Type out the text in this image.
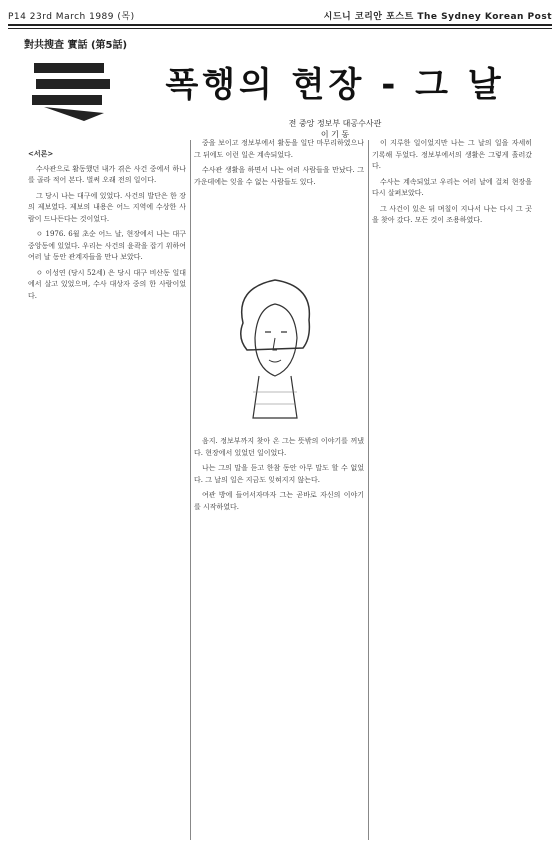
P14 23rd March 1989 (목)	시드니 코리안 포스트 The Sydney Korean Post
對共搜査 實話 (第5話)
폭행의 현장 - 그 날
전 중앙 정보부 대공수사관
이 기 동

<서론>

수사관으로 활동했던 내가 겪은 사건 중에서 하나를 골라 적어 본다. 벌써 오래 전의 일이다.

그 당시 나는 대구에 있었다. 사건의 발단은 한 장의 제보였다. 제보의 내용은 어느 지역에 수상한 사람이 드나든다는 것이었다.

ㅇ 1976. 6월 초순 어느 날, 현장에서 나는 대구 중앙동에 있었다. 우리는 사건의 윤곽을 잡기 위하여 여러 날 동안 관계자들을 만나 보았다.

ㅇ 이성연 (당시 52세) 은 당시 대구 비산동 일대에서 살고 있었으며, 수사 대상자 중의 한 사람이었다.

중을 보이고 정보부에서 활동을 일단 마무리하였으나 그 뒤에도 이런 일은 계속되었다.

수사관 생활을 하면서 나는 여러 사람들을 만났다. 그 가운데에는 잊을 수 없는 사람들도 있다.

음지. 정보부까지 찾아 온 그는 뜻밖의 이야기를 꺼냈다. 현장에서 있었던 일이었다.

나는 그의 말을 듣고 한참 동안 아무 말도 할 수 없었다. 그 날의 일은 지금도 잊혀지지 않는다.

여관 방에 들어서자마자 그는 곧바로 자신의 이야기를 시작하였다.

이 지루한 일이었지만 나는 그 날의 일을 자세히 기록해 두었다. 정보부에서의 생활은 그렇게 흘러갔다.

수사는 계속되었고 우리는 여러 날에 걸쳐 현장을 다시 살펴보았다.

그 사건이 있은 뒤 며칠이 지나서 나는 다시 그 곳을 찾아 갔다. 모든 것이 조용하였다.
